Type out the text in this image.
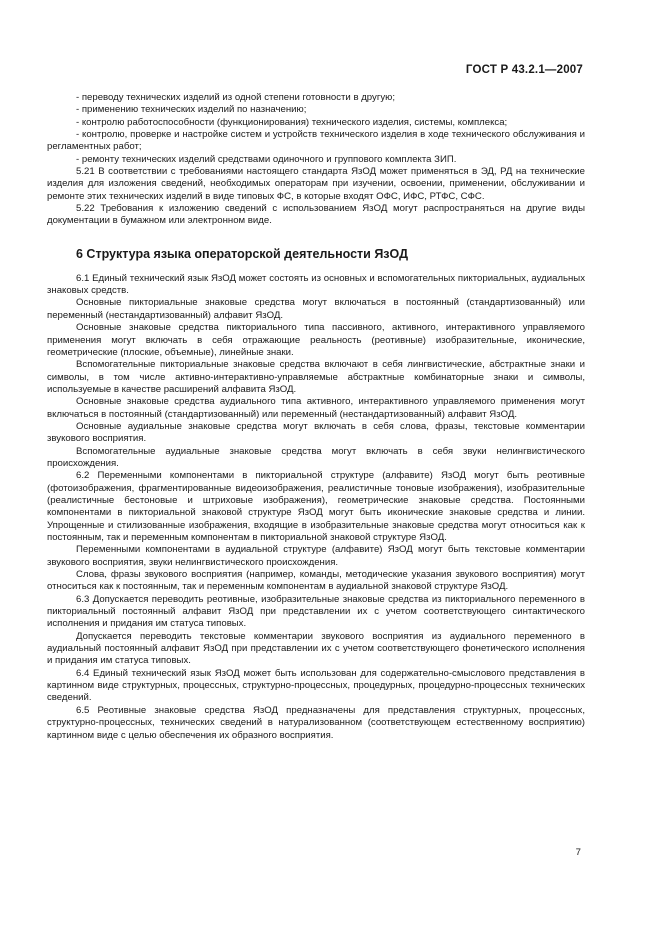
ГОСТ Р 43.2.1—2007

- переводу технических изделий из одной степени готовности в другую;

- применению технических изделий по назначению;

- контролю работоспособности (функционирования) технического изделия, системы, комплекса;

- контролю, проверке и настройке систем и устройств технического изделия в ходе технического обслуживания и регламентных работ;

- ремонту технических изделий средствами одиночного и группового комплекта ЗИП.

5.21 В соответствии с требованиями настоящего стандарта ЯзОД может применяться в ЭД, РД на технические изделия для изложения сведений, необходимых операторам при изучении, освоении, применении, обслуживании и ремонте этих технических изделий в виде типовых ФС, в которые входят ОФС, ИФС, РТФС, СФС.

5.22 Требования к изложению сведений с использованием ЯзОД могут распространяться на другие виды документации в бумажном или электронном виде.

6 Структура языка операторской деятельности ЯзОД

6.1 Единый технический язык ЯзОД может состоять из основных и вспомогательных пикториальных, аудиальных знаковых средств.

Основные пикториальные знаковые средства могут включаться в постоянный (стандартизованный) или переменный (нестандартизованный) алфавит ЯзОД.

Основные знаковые средства пикториального типа пассивного, активного, интерактивного управляемого применения могут включать в себя отражающие реальность (реотивные) изобразительные, иконические, геометрические (плоские, объемные), линейные знаки.

Вспомогательные пикториальные знаковые средства включают в себя лингвистические, абстрактные знаки и символы, в том числе активно-интерактивно-управляемые абстрактные комбинаторные знаки и символы, используемые в качестве расширений алфавита ЯзОД.

Основные знаковые средства аудиального типа активного, интерактивного управляемого применения могут включаться в постоянный (стандартизованный) или переменный (нестандартизованный) алфавит ЯзОД.

Основные аудиальные знаковые средства могут включать в себя слова, фразы, текстовые комментарии звукового восприятия.

Вспомогательные аудиальные знаковые средства могут включать в себя звуки нелингвистического происхождения.

6.2 Переменными компонентами в пикториальной структуре (алфавите) ЯзОД могут быть реотивные (фотоизображения, фрагментированные видеоизображения, реалистичные тоновые изображения), изобразительные (реалистичные бестоновые и штриховые изображения), геометрические знаковые средства. Постоянными компонентами в пикториальной знаковой структуре ЯзОД могут быть иконические знаковые средства и линии. Упрощенные и стилизованные изображения, входящие в изобразительные знаковые средства могут относиться как к постоянным, так и переменным компонентам в пикториальной знаковой структуре ЯзОД.

Переменными компонентами в аудиальной структуре (алфавите) ЯзОД могут быть текстовые комментарии звукового восприятия, звуки нелингвистического происхождения.

Слова, фразы звукового восприятия (например, команды, методические указания звукового восприятия) могут относиться как к постоянным, так и переменным компонентам в аудиальной знаковой структуре ЯзОД.

6.3 Допускается переводить реотивные, изобразительные знаковые средства из пикториального переменного в пикториальный постоянный алфавит ЯзОД при представлении их с учетом соответствующего синтактического исполнения и придания им статуса типовых.

Допускается переводить текстовые комментарии звукового восприятия из аудиального переменного в аудиальный постоянный алфавит ЯзОД при представлении их с учетом соответствующего фонетического исполнения и придания им статуса типовых.

6.4 Единый технический язык ЯзОД может быть использован для содержательно-смыслового представления в картинном виде структурных, процессных, структурно-процессных, процедурных, процедурно-процессных технических сведений.

6.5 Реотивные знаковые средства ЯзОД предназначены для представления структурных, процессных, структурно-процессных, технических сведений в натурализованном (соответствующем естественному восприятию) картинном виде с целью обеспечения их образного восприятия.

7
